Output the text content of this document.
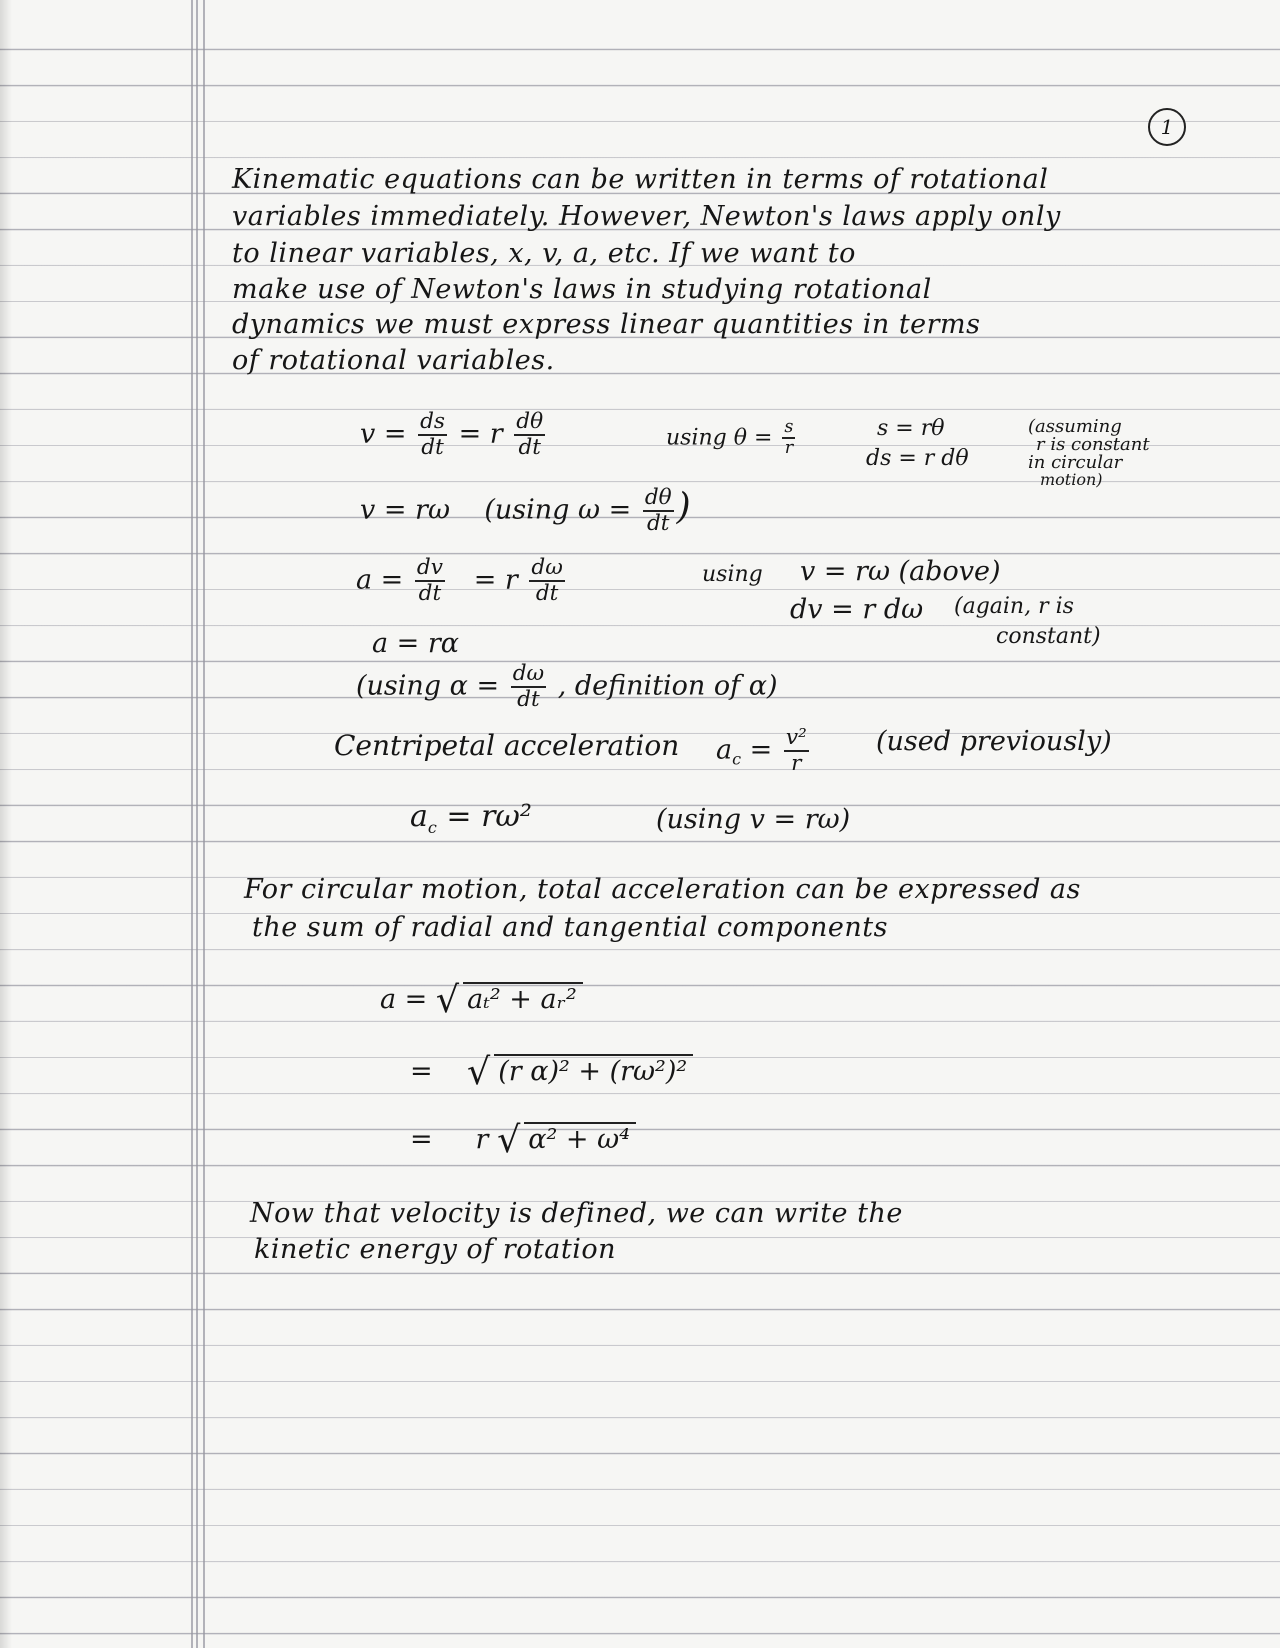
1
Kinematic equations can be written in terms of rotational
variables immediately. However, Newton's laws apply only
to linear variables, x, v, a, etc. If we want to
make use of Newton's laws in studying rotational
dynamics we must express linear quantities in terms
of rotational variables.
$v = \frac{ds}{dt} = r \frac{d\theta}{dt}$	using $\theta = \frac{s}{r}$	s = rθ
ds = r dθ
(assuming
r is constant
in circular
motion)
v = rω (using $\omega = \frac{d\theta}{dt}$ )
$a = \frac{dv}{dt} = r \frac{d\omega}{dt}$	using v = rω (above)
dv = r dω (again, r is
constant)
a = rα
(using $\alpha = \frac{d\omega}{dt}$ , definition of α)
Centripetal acceleration $a_c = \frac{\text{v²}}{r}$ (used previously)
$a_c = r\omega^2$	(using v = rω)
For circular motion, total acceleration can be expressed as
the sum of radial and tangential components
a = √ aₜ² + aᵣ²
= √ (r α)² + (rω²)²
= r √ α² + ω⁴
Now that velocity is defined, we can write the
kinetic energy of rotation
